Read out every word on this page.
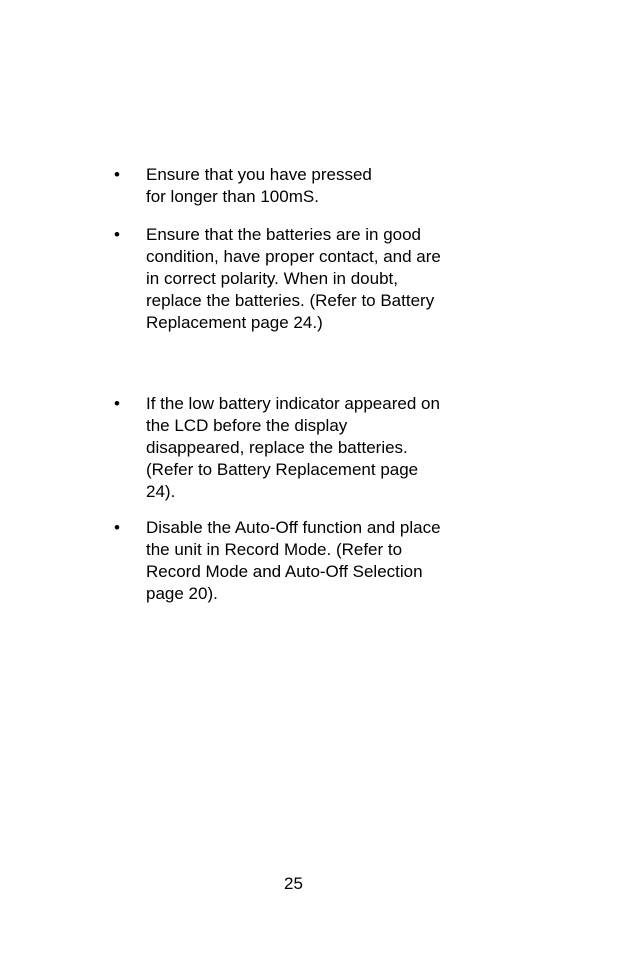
• Ensure that you have pressed
for longer than 100mS.
• Ensure that the batteries are in good
condition, have proper contact, and are
in correct polarity. When in doubt,
replace the batteries. (Refer to Battery
Replacement page 24.)
• If the low battery indicator appeared on
the LCD before the display
disappeared, replace the batteries.
(Refer to Battery Replacement page
24).
• Disable the Auto-Off function and place
the unit in Record Mode. (Refer to
Record Mode and Auto-Off Selection
page 20).
25
